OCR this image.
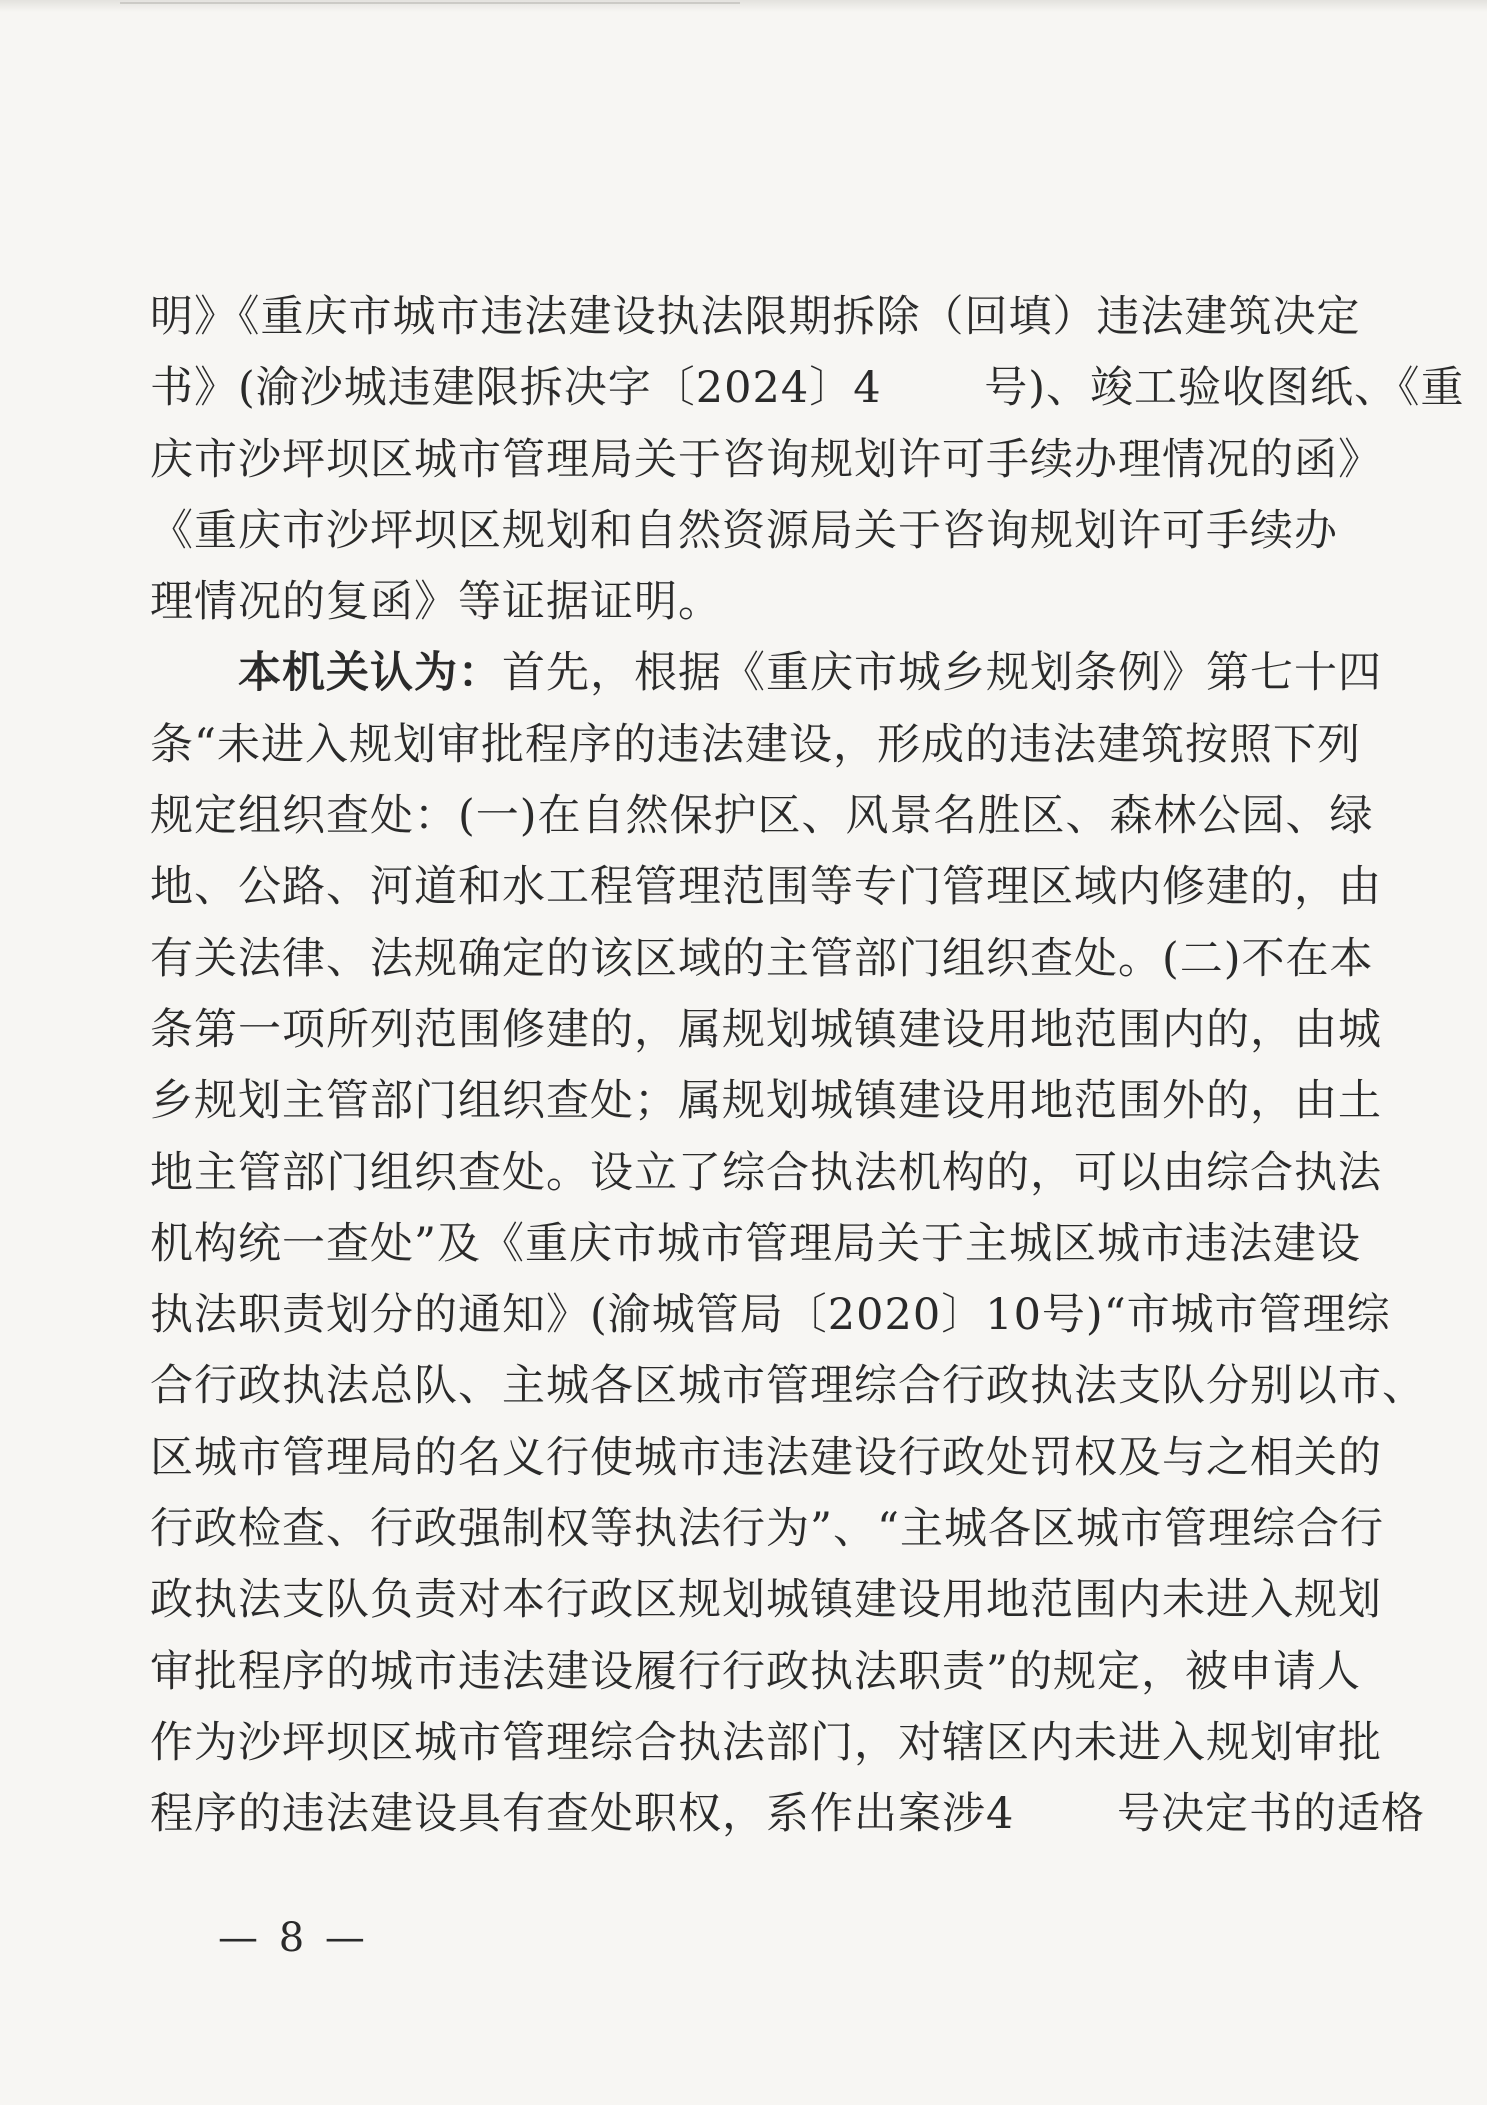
明》《重庆市城市违法建设执法限期拆除（回填）违法建筑决定
书》(渝沙城违建限拆决字〔2024〕4　　 号)、竣工验收图纸、《重
庆市沙坪坝区城市管理局关于咨询规划许可手续办理情况的函》
《重庆市沙坪坝区规划和自然资源局关于咨询规划许可手续办
理情况的复函》等证据证明。
本机关认为：首先，根据《重庆市城乡规划条例》第七十四
条“未进入规划审批程序的违法建设，形成的违法建筑按照下列
规定组织查处：(一)在自然保护区、风景名胜区、森林公园、绿
地、公路、河道和水工程管理范围等专门管理区域内修建的，由
有关法律、法规确定的该区域的主管部门组织查处。(二)不在本
条第一项所列范围修建的，属规划城镇建设用地范围内的，由城
乡规划主管部门组织查处；属规划城镇建设用地范围外的，由土
地主管部门组织查处。设立了综合执法机构的，可以由综合执法
机构统一查处”及《重庆市城市管理局关于主城区城市违法建设
执法职责划分的通知》(渝城管局〔2020〕10号)“市城市管理综
合行政执法总队、主城各区城市管理综合行政执法支队分别以市、
区城市管理局的名义行使城市违法建设行政处罚权及与之相关的
行政检查、行政强制权等执法行为”、“主城各区城市管理综合行
政执法支队负责对本行政区规划城镇建设用地范围内未进入规划
审批程序的城市违法建设履行行政执法职责”的规定，被申请人
作为沙坪坝区城市管理综合执法部门，对辖区内未进入规划审批
程序的违法建设具有查处职权，系作出案涉4　　 号决定书的适格
— 8 —
